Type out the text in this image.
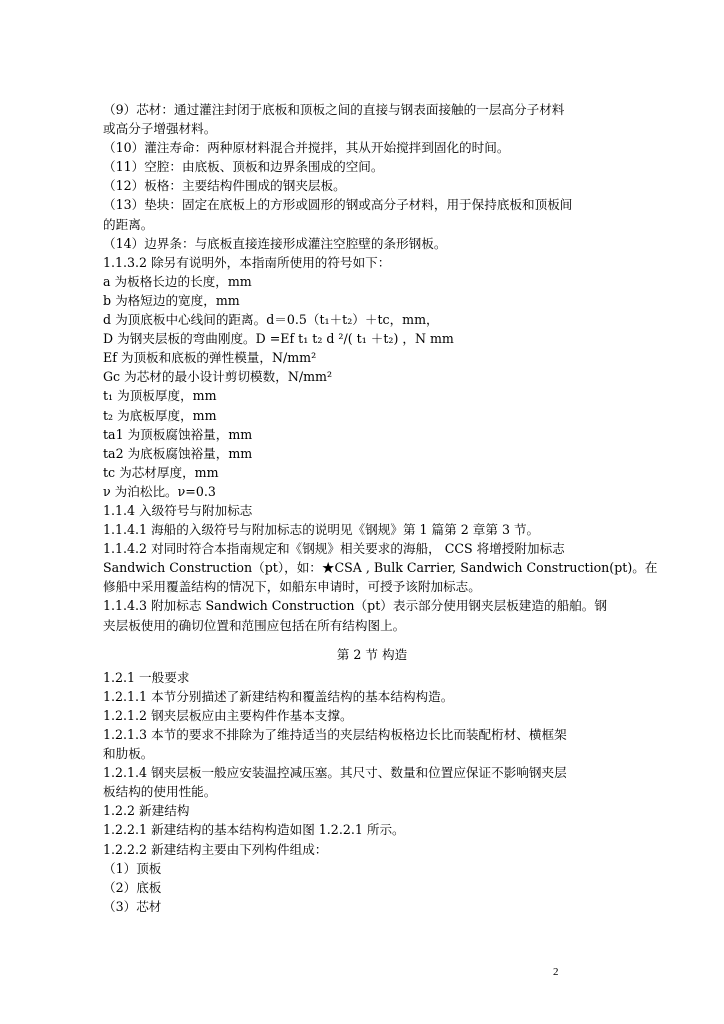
（9）芯材：通过灌注封闭于底板和顶板之间的直接与钢表面接触的一层高分子材料
或高分子增强材料。
（10）灌注寿命：两种原材料混合并搅拌，其从开始搅拌到固化的时间。
（11）空腔：由底板、顶板和边界条围成的空间。
（12）板格：主要结构件围成的钢夹层板。
（13）垫块：固定在底板上的方形或圆形的钢或高分子材料，用于保持底板和顶板间
的距离。
（14）边界条：与底板直接连接形成灌注空腔壁的条形钢板。
1.1.3.2 除另有说明外，本指南所使用的符号如下：
a 为板格长边的长度，mm
b 为格短边的宽度，mm
d 为顶底板中心线间的距离。d＝0.5（t₁＋t₂）＋tc，mm，
D 为钢夹层板的弯曲刚度。D =Ef t₁ t₂ d ²/( t₁ ＋t₂) ，N mm
Ef 为顶板和底板的弹性模量，N/mm²
Gc 为芯材的最小设计剪切模数，N/mm²
t₁ 为顶板厚度，mm
t₂ 为底板厚度，mm
ta1 为顶板腐蚀裕量，mm
ta2 为底板腐蚀裕量，mm
tc 为芯材厚度，mm
ν 为泊松比。ν=0.3
1.1.4 入级符号与附加标志
1.1.4.1 海船的入级符号与附加标志的说明见《钢规》第 1 篇第 2 章第 3 节。
1.1.4.2 对同时符合本指南规定和《钢规》相关要求的海船， CCS 将增授附加标志
Sandwich Construction（pt），如：★CSA , Bulk Carrier, Sandwich Construction(pt)。在
修船中采用覆盖结构的情况下，如船东申请时，可授予该附加标志。
1.1.4.3 附加标志 Sandwich Construction（pt）表示部分使用钢夹层板建造的船舶。钢
夹层板使用的确切位置和范围应包括在所有结构图上。
第 2 节 构造
1.2.1 一般要求
1.2.1.1 本节分别描述了新建结构和覆盖结构的基本结构构造。
1.2.1.2 钢夹层板应由主要构件作基本支撑。
1.2.1.3 本节的要求不排除为了维持适当的夹层结构板格边长比而装配桁材、横框架
和肋板。
1.2.1.4 钢夹层板一般应安装温控减压塞。其尺寸、数量和位置应保证不影响钢夹层
板结构的使用性能。
1.2.2 新建结构
1.2.2.1 新建结构的基本结构构造如图 1.2.2.1 所示。
1.2.2.2 新建结构主要由下列构件组成：
（1）顶板
（2）底板
（3）芯材
2
